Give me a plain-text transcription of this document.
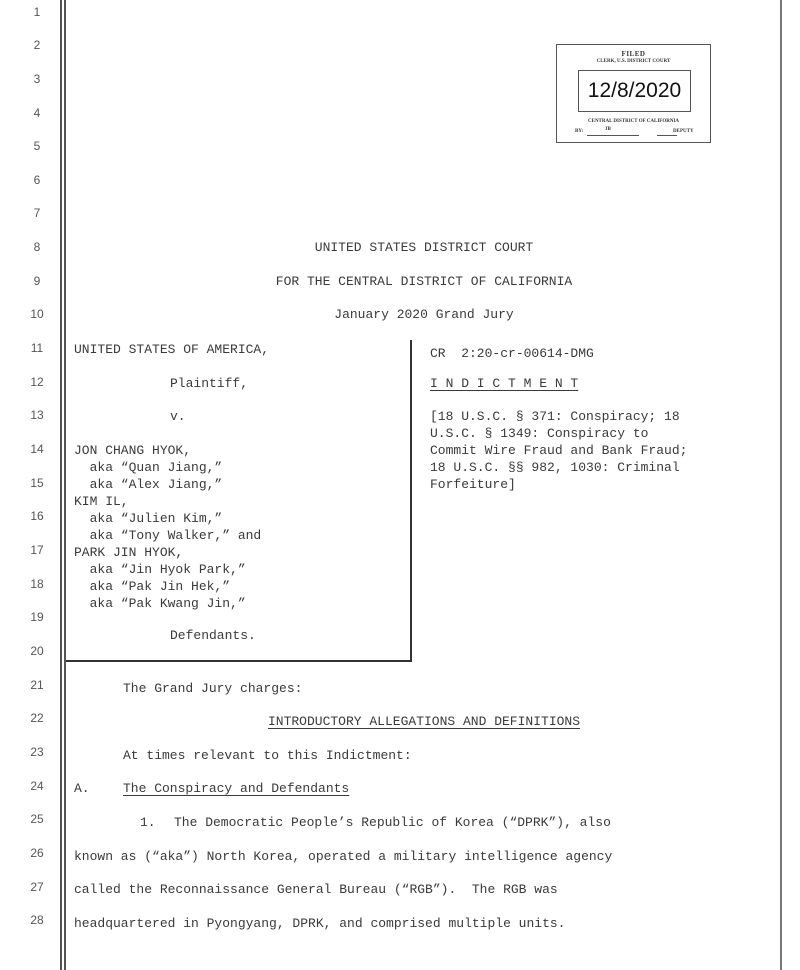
1
2
3
4
5
6
7
8
9
10
11
12
13
14
15
16
17
18
19
20
21
22
23
24
25
26
27
28
FILED
CLERK, U.S. DISTRICT COURT
12/8/2020
CENTRAL DISTRICT OF CALIFORNIA
BY:	JB	DEPUTY
UNITED STATES DISTRICT COURT
FOR THE CENTRAL DISTRICT OF CALIFORNIA
January 2020 Grand Jury
UNITED STATES OF AMERICA,
Plaintiff,
v.
JON CHANG HYOK,
aka “Quan Jiang,”
aka “Alex Jiang,”
KIM IL,
aka “Julien Kim,”
aka “Tony Walker,” and
PARK JIN HYOK,
aka “Jin Hyok Park,”
aka “Pak Jin Hek,”
aka “Pak Kwang Jin,”
Defendants.
CR  2:20-cr-00614-DMG
I N D I C T M E N T
[18 U.S.C. § 371: Conspiracy; 18
U.S.C. § 1349: Conspiracy to
Commit Wire Fraud and Bank Fraud;
18 U.S.C. §§ 982, 1030: Criminal
Forfeiture]
The Grand Jury charges:
INTRODUCTORY ALLEGATIONS AND DEFINITIONS
At times relevant to this Indictment:
A.	The Conspiracy and Defendants
1. The Democratic People’s Republic of Korea (“DPRK”), also
known as (“aka”) North Korea, operated a military intelligence agency
called the Reconnaissance General Bureau (“RGB”).  The RGB was
headquartered in Pyongyang, DPRK, and comprised multiple units.
